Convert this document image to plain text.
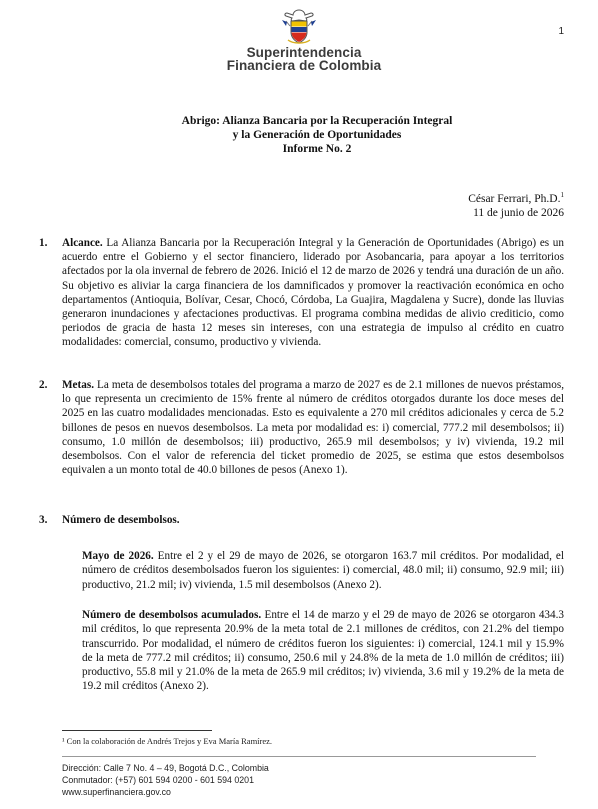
1
Superintendencia
Financiera de Colombia
Abrigo: Alianza Bancaria por la Recuperación Integral
y la Generación de Oportunidades
Informe No. 2
César Ferrari, Ph.D.$^1$
11 de junio de 2026
1. Alcance. La Alianza Bancaria por la Recuperación Integral y la Generación de Oportunidades (Abrigo) es un acuerdo entre el Gobierno y el sector financiero, liderado por Asobancaria, para apoyar a los territorios afectados por la ola invernal de febrero de 2026. Inició el 12 de marzo de 2026 y tendrá una duración de un año. Su objetivo es aliviar la carga financiera de los damnificados y promover la reactivación económica en ocho departamentos (Antioquia, Bolívar, Cesar, Chocó, Córdoba, La Guajira, Magdalena y Sucre), donde las lluvias generaron inundaciones y afectaciones productivas. El programa combina medidas de alivio crediticio, como periodos de gracia de hasta 12 meses sin intereses, con una estrategia de impulso al crédito en cuatro modalidades: comercial, consumo, productivo y vivienda.

2. Metas. La meta de desembolsos totales del programa a marzo de 2027 es de 2.1 millones de nuevos préstamos, lo que representa un crecimiento de 15% frente al número de créditos otorgados durante los doce meses del 2025 en las cuatro modalidades mencionadas. Esto es equivalente a 270 mil créditos adicionales y cerca de 5.2 billones de pesos en nuevos desembolsos. La meta por modalidad es: i) comercial, 777.2 mil desembolsos; ii) consumo, 1.0 millón de desembolsos; iii) productivo, 265.9 mil desembolsos; y iv) vivienda, 19.2 mil desembolsos. Con el valor de referencia del ticket promedio de 2025, se estima que estos desembolsos equivalen a un monto total de 40.0 billones de pesos (Anexo 1).

3. Número de desembolsos.

Mayo de 2026. Entre el 2 y el 29 de mayo de 2026, se otorgaron 163.7 mil créditos. Por modalidad, el número de créditos desembolsados fueron los siguientes: i) comercial, 48.0 mil; ii) consumo, 92.9 mil; iii) productivo, 21.2 mil; iv) vivienda, 1.5 mil desembolsos (Anexo 2).

Número de desembolsos acumulados. Entre el 14 de marzo y el 29 de mayo de 2026 se otorgaron 434.3 mil créditos, lo que representa 20.9% de la meta total de 2.1 millones de créditos, con 21.2% del tiempo transcurrido. Por modalidad, el número de créditos fueron los siguientes: i) comercial, 124.1 mil y 15.9% de la meta de 777.2 mil créditos; ii) consumo, 250.6 mil y 24.8% de la meta de 1.0 millón de créditos; iii) productivo, 55.8 mil y 21.0% de la meta de 265.9 mil créditos; iv) vivienda, 3.6 mil y 19.2% de la meta de 19.2 mil créditos (Anexo 2).

¹ Con la colaboración de Andrés Trejos y Eva María Ramírez.
Dirección: Calle 7 No. 4 – 49, Bogotá D.C., Colombia
Conmutador: (+57) 601 594 0200 - 601 594 0201
www.superfinanciera.gov.co
